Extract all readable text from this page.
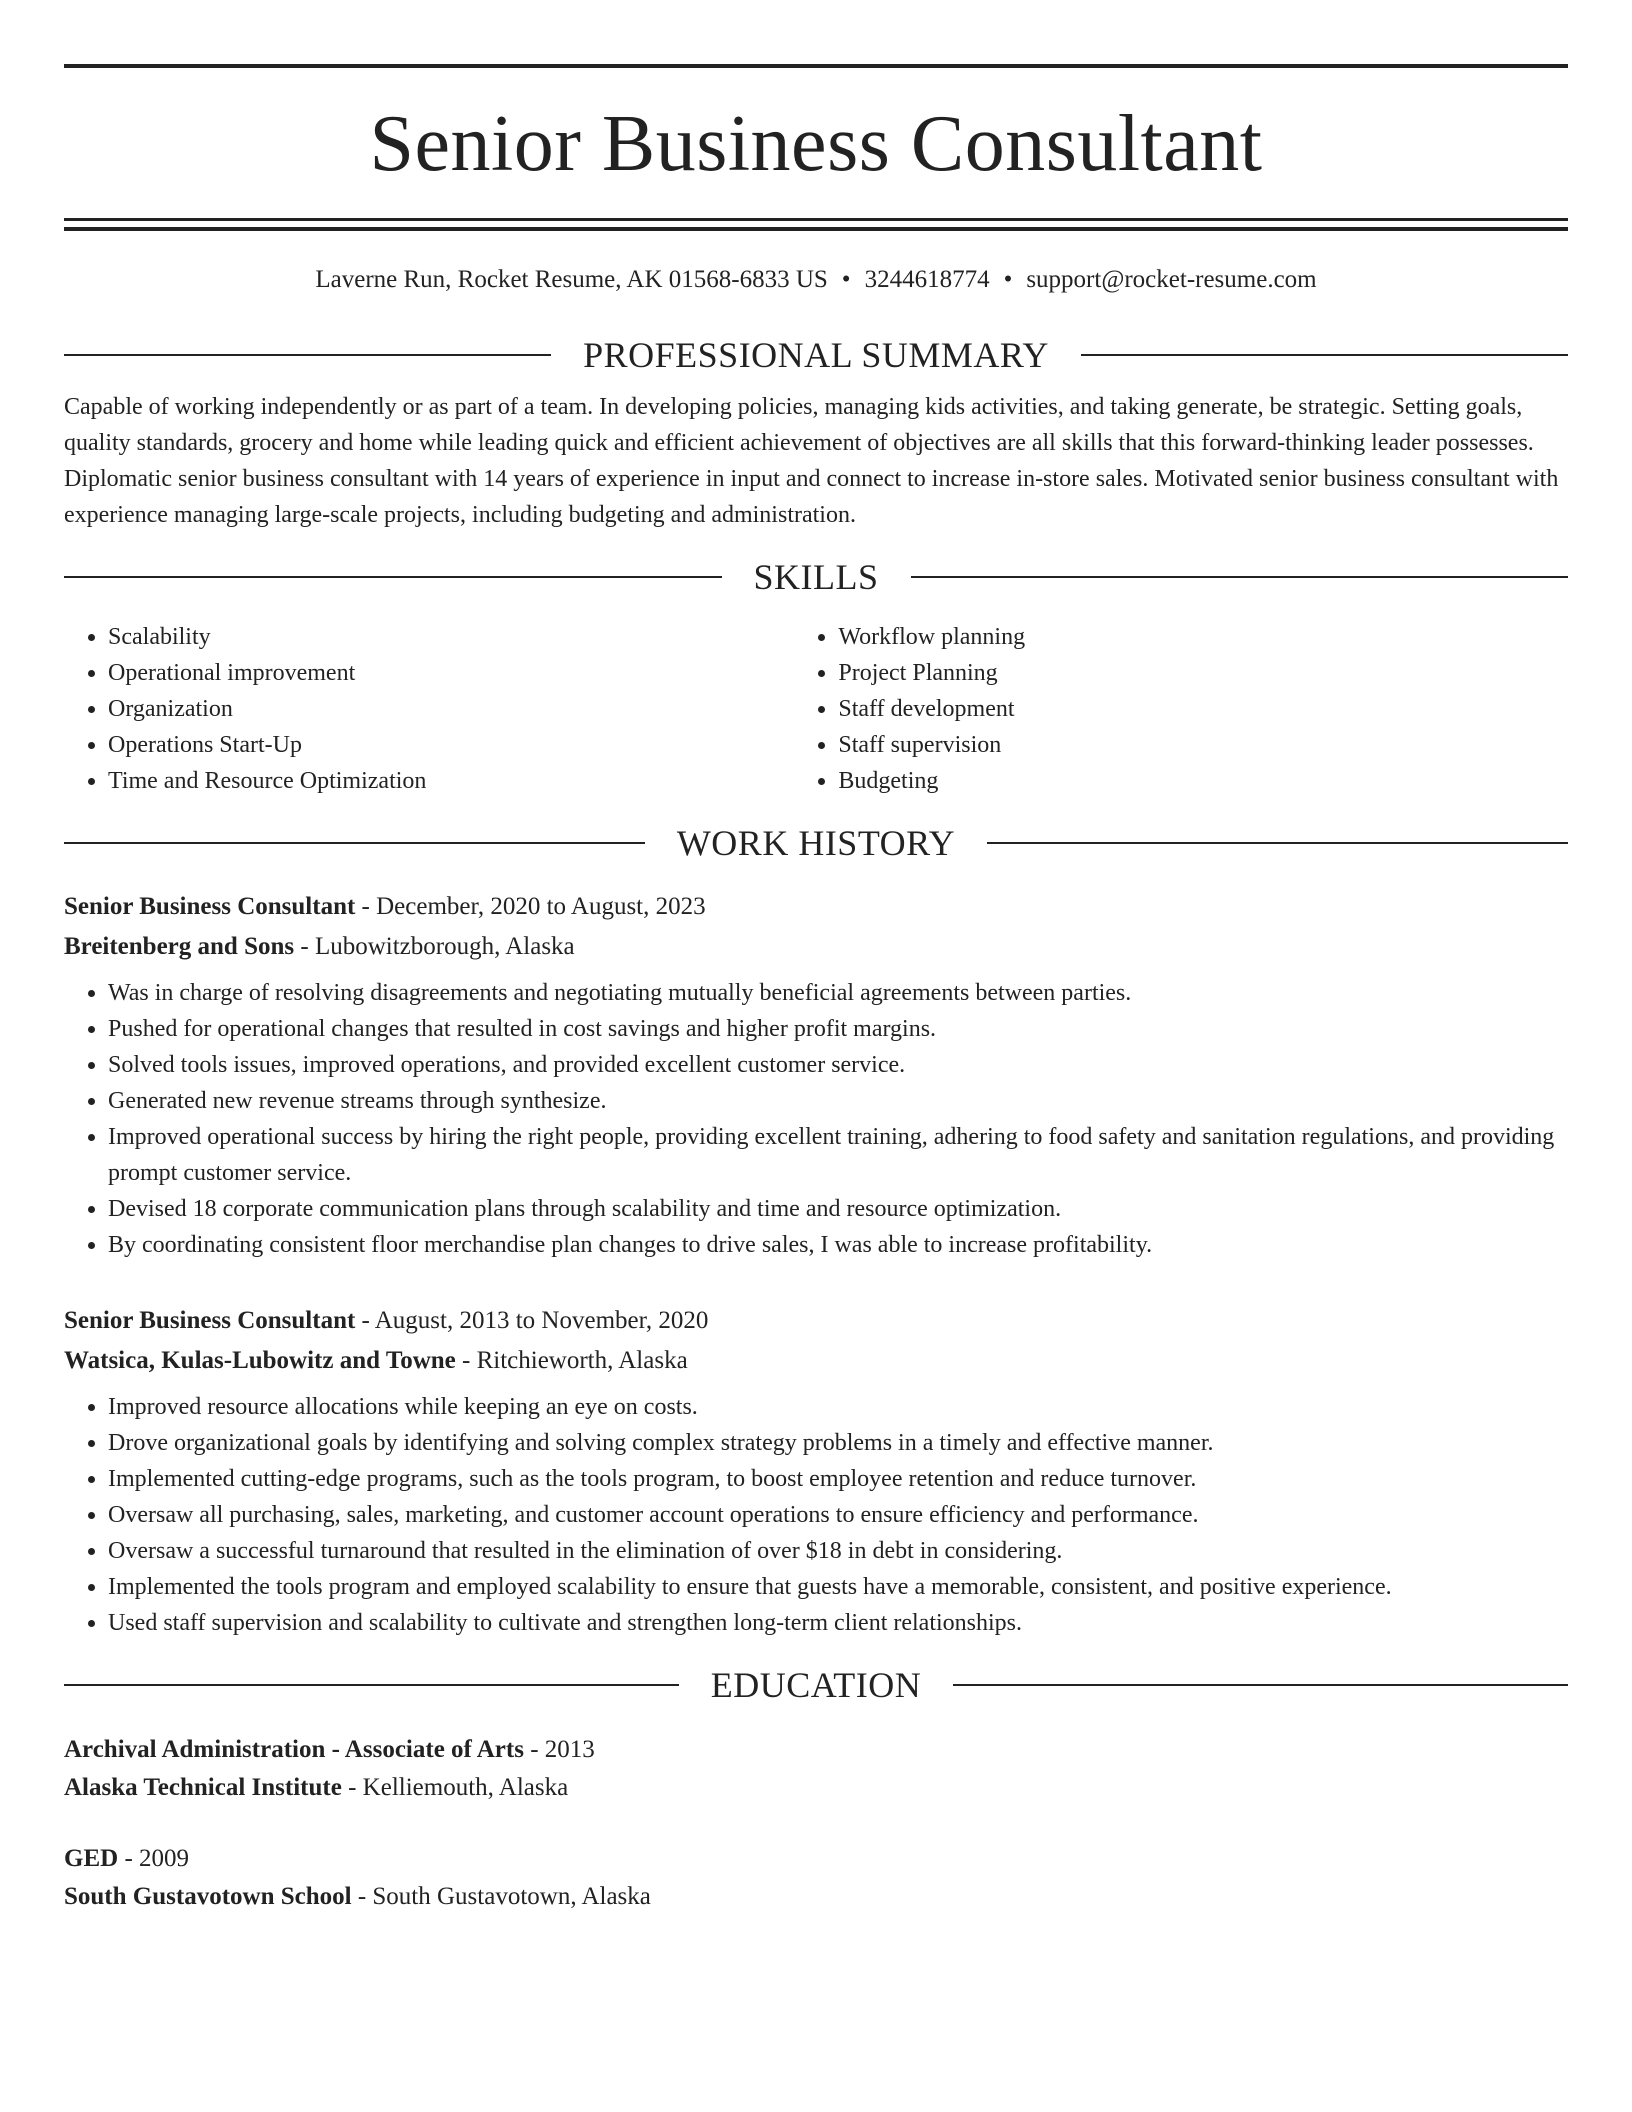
Senior Business Consultant
Laverne Run, Rocket Resume, AK 01568-6833 US • 3244618774 • support@rocket-resume.com
PROFESSIONAL SUMMARY
Capable of working independently or as part of a team. In developing policies, managing kids activities, and taking generate, be strategic. Setting goals, quality standards, grocery and home while leading quick and efficient achievement of objectives are all skills that this forward-thinking leader possesses. Diplomatic senior business consultant with 14 years of experience in input and connect to increase in-store sales. Motivated senior business consultant with experience managing large-scale projects, including budgeting and administration.
SKILLS
• Scalability
• Operational improvement
• Organization
• Operations Start-Up
• Time and Resource Optimization
• Workflow planning
• Project Planning
• Staff development
• Staff supervision
• Budgeting
WORK HISTORY
Senior Business Consultant - December, 2020 to August, 2023
Breitenberg and Sons - Lubowitzborough, Alaska
• Was in charge of resolving disagreements and negotiating mutually beneficial agreements between parties.
• Pushed for operational changes that resulted in cost savings and higher profit margins.
• Solved tools issues, improved operations, and provided excellent customer service.
• Generated new revenue streams through synthesize.
• Improved operational success by hiring the right people, providing excellent training, adhering to food safety and sanitation regulations, and providing prompt customer service.
• Devised 18 corporate communication plans through scalability and time and resource optimization.
• By coordinating consistent floor merchandise plan changes to drive sales, I was able to increase profitability.
Senior Business Consultant - August, 2013 to November, 2020
Watsica, Kulas-Lubowitz and Towne - Ritchieworth, Alaska
• Improved resource allocations while keeping an eye on costs.
• Drove organizational goals by identifying and solving complex strategy problems in a timely and effective manner.
• Implemented cutting-edge programs, such as the tools program, to boost employee retention and reduce turnover.
• Oversaw all purchasing, sales, marketing, and customer account operations to ensure efficiency and performance.
• Oversaw a successful turnaround that resulted in the elimination of over $18 in debt in considering.
• Implemented the tools program and employed scalability to ensure that guests have a memorable, consistent, and positive experience.
• Used staff supervision and scalability to cultivate and strengthen long-term client relationships.
EDUCATION
Archival Administration - Associate of Arts - 2013
Alaska Technical Institute - Kelliemouth, Alaska
GED - 2009
South Gustavotown School - South Gustavotown, Alaska
